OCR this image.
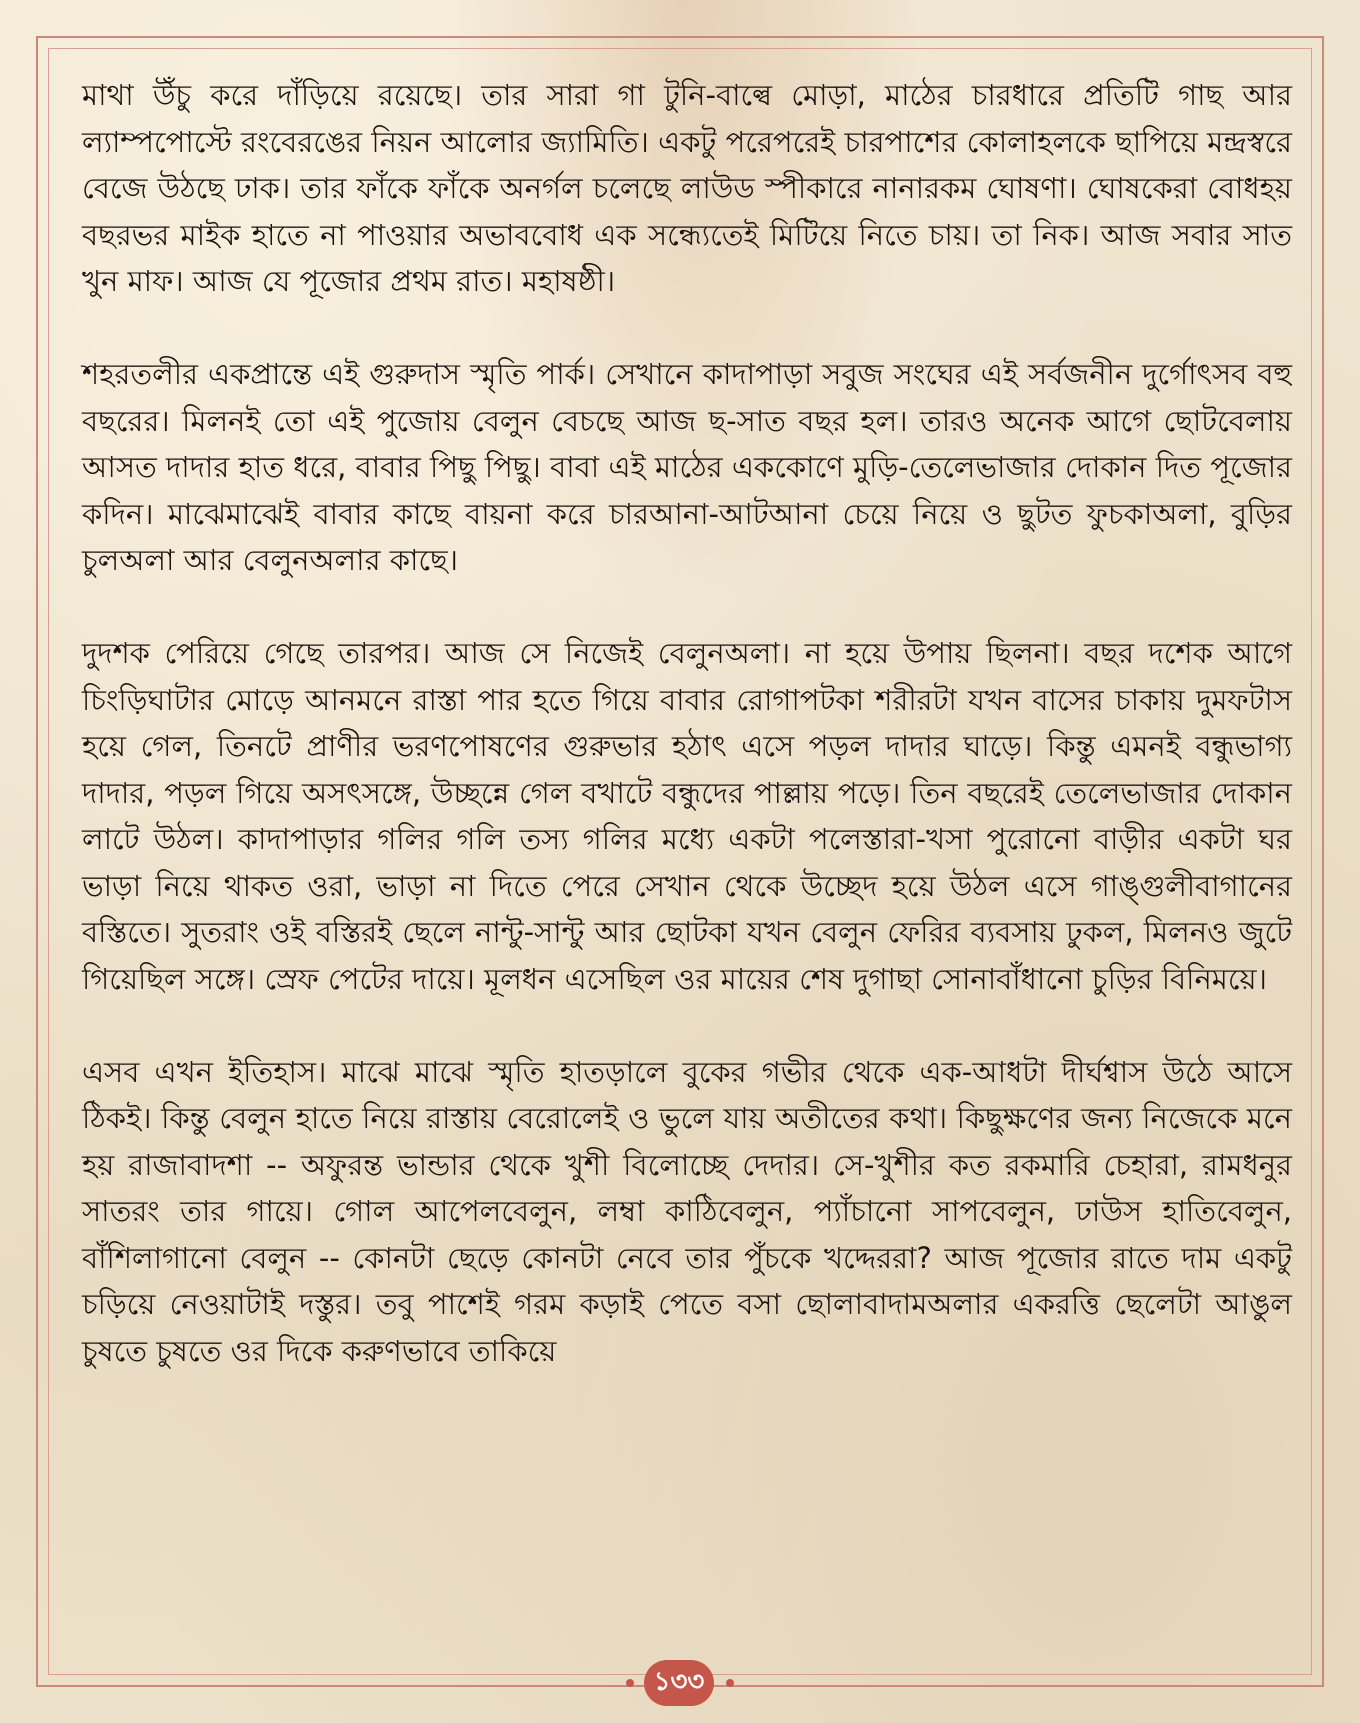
মাথা উঁচু করে দাঁড়িয়ে রয়েছে। তার সারা গা টুনি-বাল্বে মোড়া, মাঠের চারধারে প্রতিটি গাছ আর ল্যাম্পপোস্টে রংবেরঙের নিয়ন আলোর জ্যামিতি। একটু পরেপরেই চারপাশের কোলাহলকে ছাপিয়ে মন্দ্রস্বরে বেজে উঠছে ঢাক। তার ফাঁকে ফাঁকে অনর্গল চলেছে লাউড স্পীকারে নানারকম ঘোষণা। ঘোষকেরা বোধহয় বছরভর মাইক হাতে না পাওয়ার অভাববোধ এক সন্ধ্যেতেই মিটিয়ে নিতে চায়। তা নিক। আজ সবার সাত খুন মাফ। আজ যে পূজোর প্রথম রাত। মহাষষ্ঠী।

শহরতলীর একপ্রান্তে এই গুরুদাস স্মৃতি পার্ক। সেখানে কাদাপাড়া সবুজ সংঘের এই সর্বজনীন দুর্গোৎসব বহু বছরের। মিলনই তো এই পুজোয় বেলুন বেচছে আজ ছ-সাত বছর হল। তারও অনেক আগে ছোটবেলায় আসত দাদার হাত ধরে, বাবার পিছু পিছু। বাবা এই মাঠের এককোণে মুড়ি-তেলেভাজার দোকান দিত পূজোর কদিন। মাঝেমাঝেই বাবার কাছে বায়না করে চারআনা-আটআনা চেয়ে নিয়ে ও ছুটত ফুচকাঅলা, বুড়ির চুলঅলা আর বেলুনঅলার কাছে।

দুদশক পেরিয়ে গেছে তারপর। আজ সে নিজেই বেলুনঅলা। না হয়ে উপায় ছিলনা। বছর দশেক আগে চিংড়িঘাটার মোড়ে আনমনে রাস্তা পার হতে গিয়ে বাবার রোগাপটকা শরীরটা যখন বাসের চাকায় দুমফটাস হয়ে গেল, তিনটে প্রাণীর ভরণপোষণের গুরুভার হঠাৎ এসে পড়ল দাদার ঘাড়ে। কিন্তু এমনই বন্ধুভাগ্য দাদার, পড়ল গিয়ে অসৎসঙ্গে, উচ্ছন্নে গেল বখাটে বন্ধুদের পাল্লায় পড়ে। তিন বছরেই তেলেভাজার দোকান লাটে উঠল। কাদাপাড়ার গলির গলি তস্য গলির মধ্যে একটা পলেস্তারা-খসা পুরোনো বাড়ীর একটা ঘর ভাড়া নিয়ে থাকত ওরা, ভাড়া না দিতে পেরে সেখান থেকে উচ্ছেদ হয়ে উঠল এসে গাঙ্গুলীবাগানের বস্তিতে। সুতরাং ওই বস্তিরই ছেলে নান্টু-সান্টু আর ছোটকা যখন বেলুন ফেরির ব্যবসায় ঢুকল, মিলনও জুটে গিয়েছিল সঙ্গে। স্রেফ পেটের দায়ে। মূলধন এসেছিল ওর মায়ের শেষ দুগাছা সোনাবাঁধানো চুড়ির বিনিময়ে।

এসব এখন ইতিহাস। মাঝে মাঝে স্মৃতি হাতড়ালে বুকের গভীর থেকে এক-আধটা দীর্ঘশ্বাস উঠে আসে ঠিকই। কিন্তু বেলুন হাতে নিয়ে রাস্তায় বেরোলেই ও ভুলে যায় অতীতের কথা। কিছুক্ষণের জন্য নিজেকে মনে হয় রাজাবাদশা -- অফুরন্ত ভান্ডার থেকে খুশী বিলোচ্ছে দেদার। সে-খুশীর কত রকমারি চেহারা, রামধনুর সাতরং তার গায়ে। গোল আপেলবেলুন, লম্বা কাঠিবেলুন, প্যাঁচানো সাপবেলুন, ঢাউস হাতিবেলুন, বাঁশিলাগানো বেলুন -- কোনটা ছেড়ে কোনটা নেবে তার পুঁচকে খদ্দেররা? আজ পূজোর রাতে দাম একটু চড়িয়ে নেওয়াটাই দস্তুর। তবু পাশেই গরম কড়াই পেতে বসা ছোলাবাদামঅলার একরত্তি ছেলেটা আঙুল চুষতে চুষতে ওর দিকে করুণভাবে তাকিয়ে

১৩৩
